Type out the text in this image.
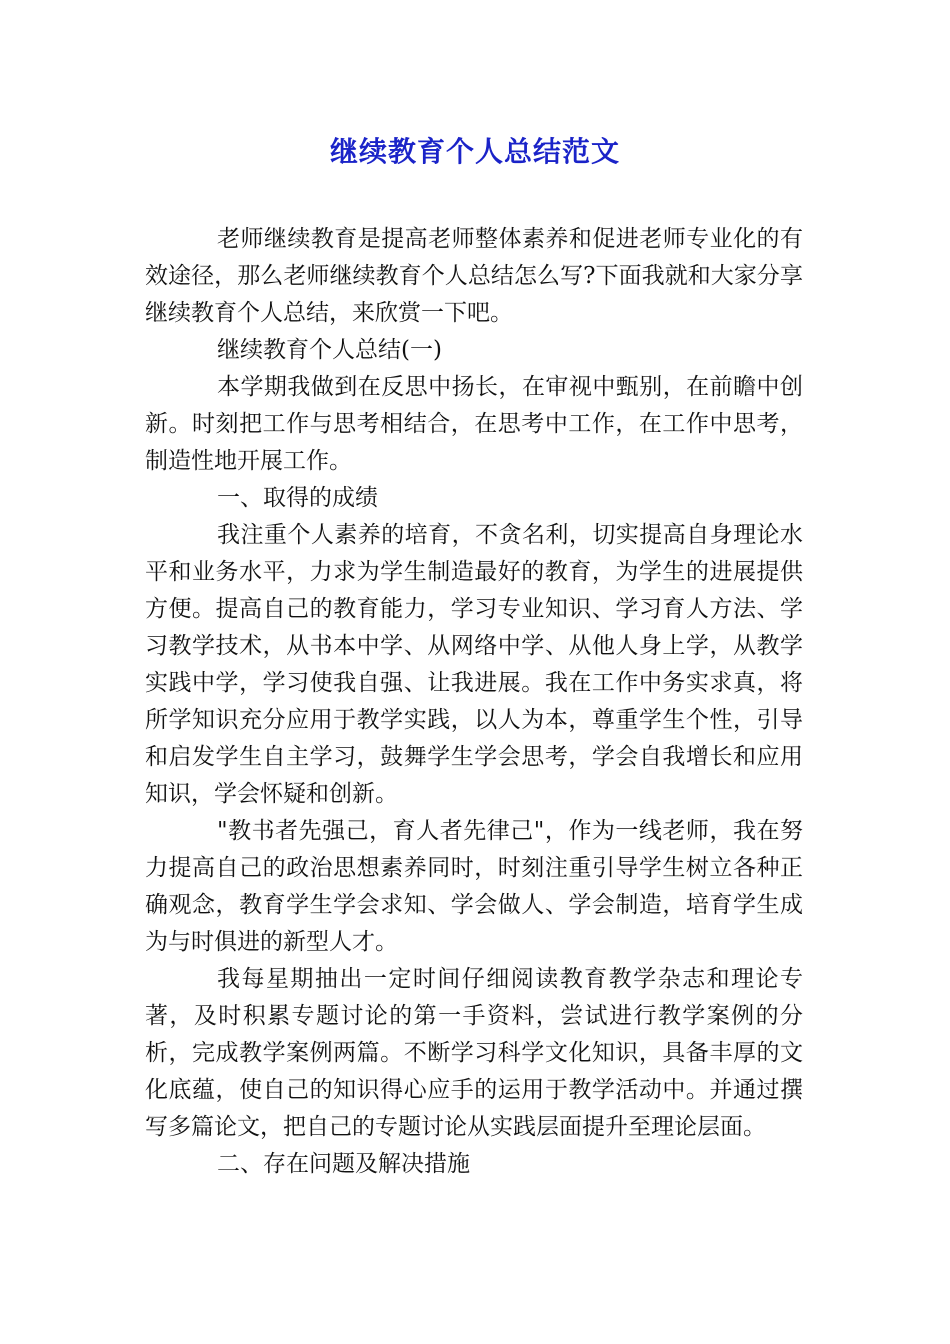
继续教育个人总结范文

老师继续教育是提高老师整体素养和促进老师专业化的有效途径，那么老师继续教育个人总结怎么写?下面我就和大家分享继续教育个人总结，来欣赏一下吧。

继续教育个人总结(一)

本学期我做到在反思中扬长，在审视中甄别，在前瞻中创新。时刻把工作与思考相结合，在思考中工作，在工作中思考，制造性地开展工作。

一、取得的成绩

我注重个人素养的培育，不贪名利，切实提高自身理论水平和业务水平，力求为学生制造最好的教育，为学生的进展提供方便。提高自己的教育能力，学习专业知识、学习育人方法、学习教学技术，从书本中学、从网络中学、从他人身上学，从教学实践中学，学习使我自强、让我进展。我在工作中务实求真，将所学知识充分应用于教学实践，以人为本，尊重学生个性，引导和启发学生自主学习，鼓舞学生学会思考，学会自我增长和应用知识，学会怀疑和创新。

"教书者先强己，育人者先律己"，作为一线老师，我在努力提高自己的政治思想素养同时，时刻注重引导学生树立各种正确观念，教育学生学会求知、学会做人、学会制造，培育学生成为与时俱进的新型人才。

我每星期抽出一定时间仔细阅读教育教学杂志和理论专著，及时积累专题讨论的第一手资料，尝试进行教学案例的分析，完成教学案例两篇。不断学习科学文化知识，具备丰厚的文化底蕴，使自己的知识得心应手的运用于教学活动中。并通过撰写多篇论文，把自己的专题讨论从实践层面提升至理论层面。

二、存在问题及解决措施
